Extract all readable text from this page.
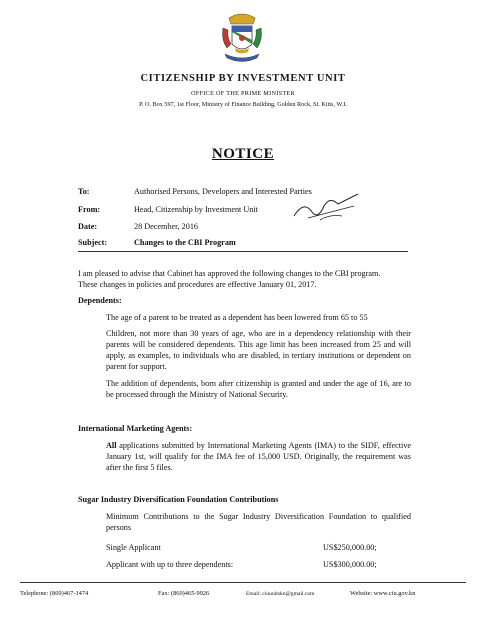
CITIZENSHIP BY INVESTMENT UNIT
OFFICE OF THE PRIME MINISTER
P. O. Box 597, 1st Floor, Ministry of Finance Building, Golden Rock, St. Kitts, W.I.
NOTICE
To:	Authorised Persons, Developers and Interested Parties
From:	Head, Citizenship by Investment Unit
Date:	28 December, 2016
Subject:	Changes to the CBI Program
I am pleased to advise that Cabinet has approved the following changes to the CBI program.
These changes in policies and procedures are effective January 01, 2017.
Dependents:
The age of a parent to be treated as a dependent has been lowered from 65 to 55
Children, not more than 30 years of age, who are in a dependency relationship with their parents will be considered dependents. This age limit has been increased from 25 and will apply, as examples, to individuals who are disabled, in tertiary institutions or dependent on parent for support.
The addition of dependents, born after citizenship is granted and under the age of 16, are to be processed through the Ministry of National Security.
International Marketing Agents:
All applications submitted by International Marketing Agents (IMA) to the SIDF, effective January 1st, will qualify for the IMA fee of 15,000 USD. Originally, the requirement was after the first 5 files.
Sugar Industry Diversification Foundation Contributions
Minimum Contributions to the Sugar Industry Diversification Foundation to qualified persons
Single Applicant	US$250,000.00;
Applicant with up to three dependents:	US$300,000.00;
Telephone: (869)467-1474	Fax: (869)465-9926	Email: ciuunitskn@gmail.com	Website: www.ciu.gov.kn
